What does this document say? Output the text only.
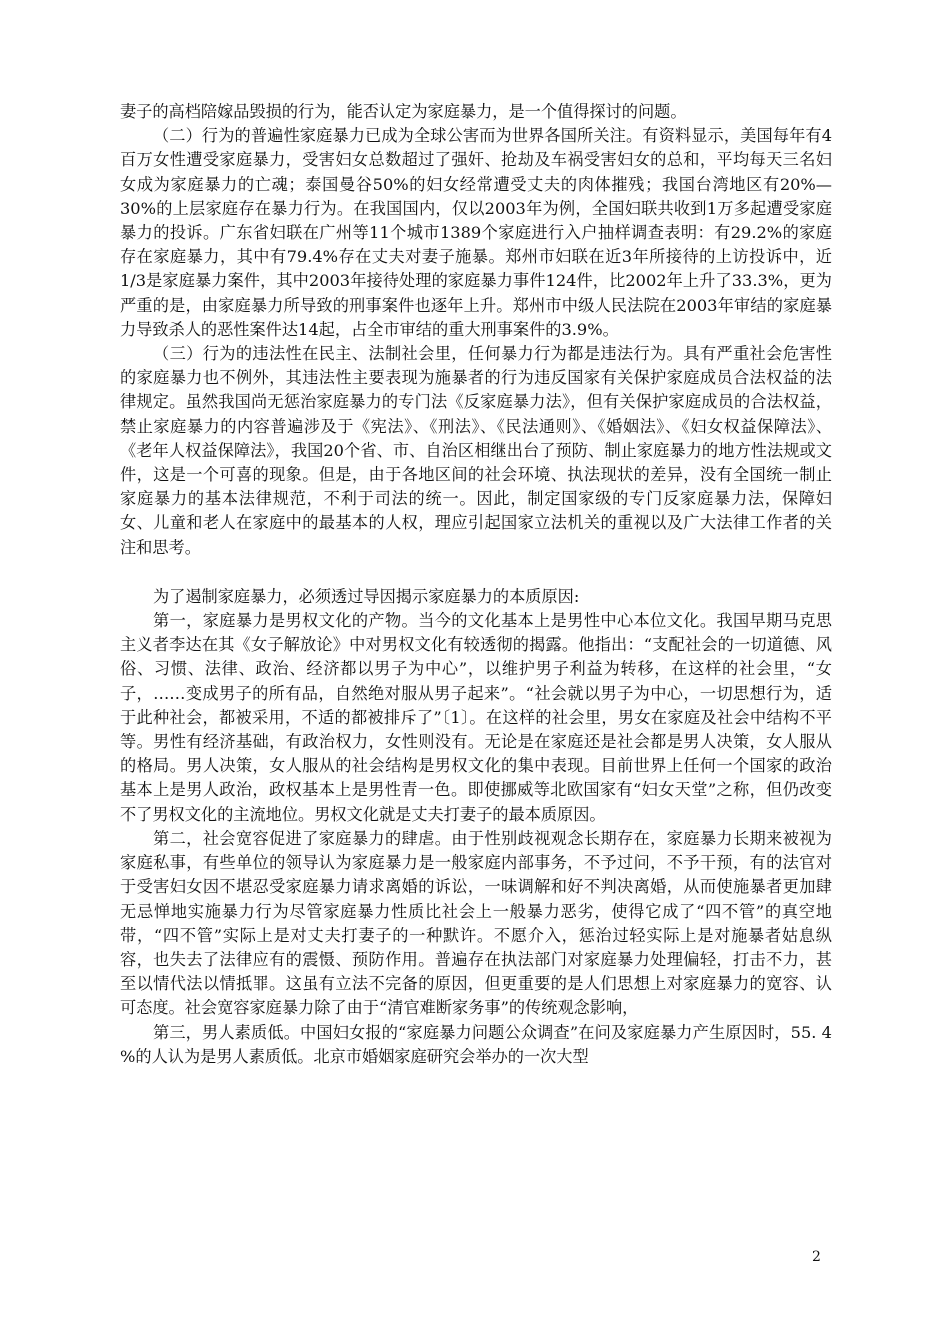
妻子的高档陪嫁品毁损的行为，能否认定为家庭暴力，是一个值得探讨的问题。

（二）行为的普遍性家庭暴力已成为全球公害而为世界各国所关注。有资料显示，美国每年有4百万女性遭受家庭暴力，受害妇女总数超过了强奸、抢劫及车祸受害妇女的总和，平均每天三名妇女成为家庭暴力的亡魂；泰国曼谷50%的妇女经常遭受丈夫的肉体摧残；我国台湾地区有20%—30%的上层家庭存在暴力行为。在我国国内，仅以2003年为例，全国妇联共收到1万多起遭受家庭暴力的投诉。广东省妇联在广州等11个城市1389个家庭进行入户抽样调查表明：有29.2%的家庭存在家庭暴力，其中有79.4%存在丈夫对妻子施暴。郑州市妇联在近3年所接待的上访投诉中，近1/3是家庭暴力案件，其中2003年接待处理的家庭暴力事件124件，比2002年上升了33.3%，更为严重的是，由家庭暴力所导致的刑事案件也逐年上升。郑州市中级人民法院在2003年审结的家庭暴力导致杀人的恶性案件达14起，占全市审结的重大刑事案件的3.9%。

（三）行为的违法性在民主、法制社会里，任何暴力行为都是违法行为。具有严重社会危害性的家庭暴力也不例外，其违法性主要表现为施暴者的行为违反国家有关保护家庭成员合法权益的法律规定。虽然我国尚无惩治家庭暴力的专门法《反家庭暴力法》，但有关保护家庭成员的合法权益，禁止家庭暴力的内容普遍涉及于《宪法》、《刑法》、《民法通则》、《婚姻法》、《妇女权益保障法》、《老年人权益保障法》，我国20个省、市、自治区相继出台了预防、制止家庭暴力的地方性法规或文件，这是一个可喜的现象。但是，由于各地区间的社会环境、执法现状的差异，没有全国统一制止家庭暴力的基本法律规范，不利于司法的统一。因此，制定国家级的专门反家庭暴力法，保障妇女、儿童和老人在家庭中的最基本的人权，理应引起国家立法机关的重视以及广大法律工作者的关注和思考。

为了遏制家庭暴力，必须透过导因揭示家庭暴力的本质原因:

第一，家庭暴力是男权文化的产物。当今的文化基本上是男性中心本位文化。我国早期马克思主义者李达在其《女子解放论》中对男权文化有较透彻的揭露。他指出：“支配社会的一切道德、风俗、习惯、法律、政治、经济都以男子为中心”，以维护男子利益为转移，在这样的社会里，“女子，……变成男子的所有品，自然绝对服从男子起来”。“社会就以男子为中心，一切思想行为，适于此种社会，都被采用，不适的都被排斥了”〔1〕。在这样的社会里，男女在家庭及社会中结构不平等。男性有经济基础，有政治权力，女性则没有。无论是在家庭还是社会都是男人决策，女人服从的格局。男人决策，女人服从的社会结构是男权文化的集中表现。目前世界上任何一个国家的政治基本上是男人政治，政权基本上是男性青一色。即使挪威等北欧国家有“妇女天堂”之称，但仍改变不了男权文化的主流地位。男权文化就是丈夫打妻子的最本质原因。

第二，社会宽容促进了家庭暴力的肆虐。由于性别歧视观念长期存在，家庭暴力长期来被视为家庭私事，有些单位的领导认为家庭暴力是一般家庭内部事务，不予过问，不予干预，有的法官对于受害妇女因不堪忍受家庭暴力请求离婚的诉讼，一味调解和好不判决离婚，从而使施暴者更加肆无忌惮地实施暴力行为尽管家庭暴力性质比社会上一般暴力恶劣，使得它成了“四不管”的真空地带，“四不管”实际上是对丈夫打妻子的一种默许。不愿介入，惩治过轻实际上是对施暴者姑息纵容，也失去了法律应有的震慑、预防作用。普遍存在执法部门对家庭暴力处理偏轻，打击不力，甚至以情代法以情抵罪。这虽有立法不完备的原因，但更重要的是人们思想上对家庭暴力的宽容、认可态度。社会宽容家庭暴力除了由于“清官难断家务事”的传统观念影响，

第三，男人素质低。中国妇女报的“家庭暴力问题公众调查”在问及家庭暴力产生原因时，55. 4 %的人认为是男人素质低。北京市婚姻家庭研究会举办的一次大型

2
